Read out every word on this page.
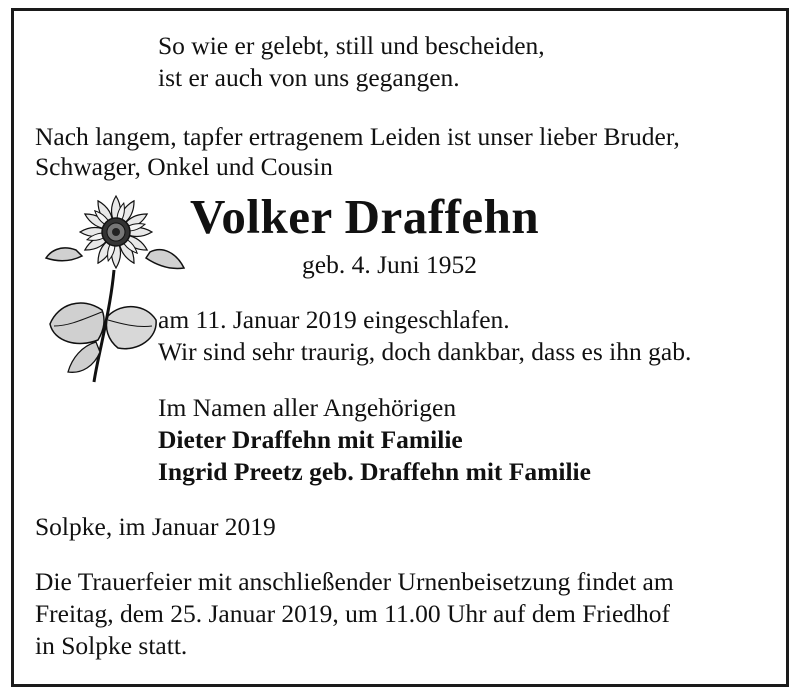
So wie er gelebt, still und bescheiden,
ist er auch von uns gegangen.
Nach langem, tapfer ertragenem Leiden ist unser lieber Bruder,
Schwager, Onkel und Cousin
Volker Draffehn
geb. 4. Juni 1952
am 11. Januar 2019 eingeschlafen.
Wir sind sehr traurig, doch dankbar, dass es ihn gab.
Im Namen aller Angehörigen
Dieter Draffehn mit Familie
Ingrid Preetz geb. Draffehn mit Familie
Solpke, im Januar 2019
Die Trauerfeier mit anschließender Urnenbeisetzung findet am
Freitag, dem 25. Januar 2019, um 11.00 Uhr auf dem Friedhof
in Solpke statt.
